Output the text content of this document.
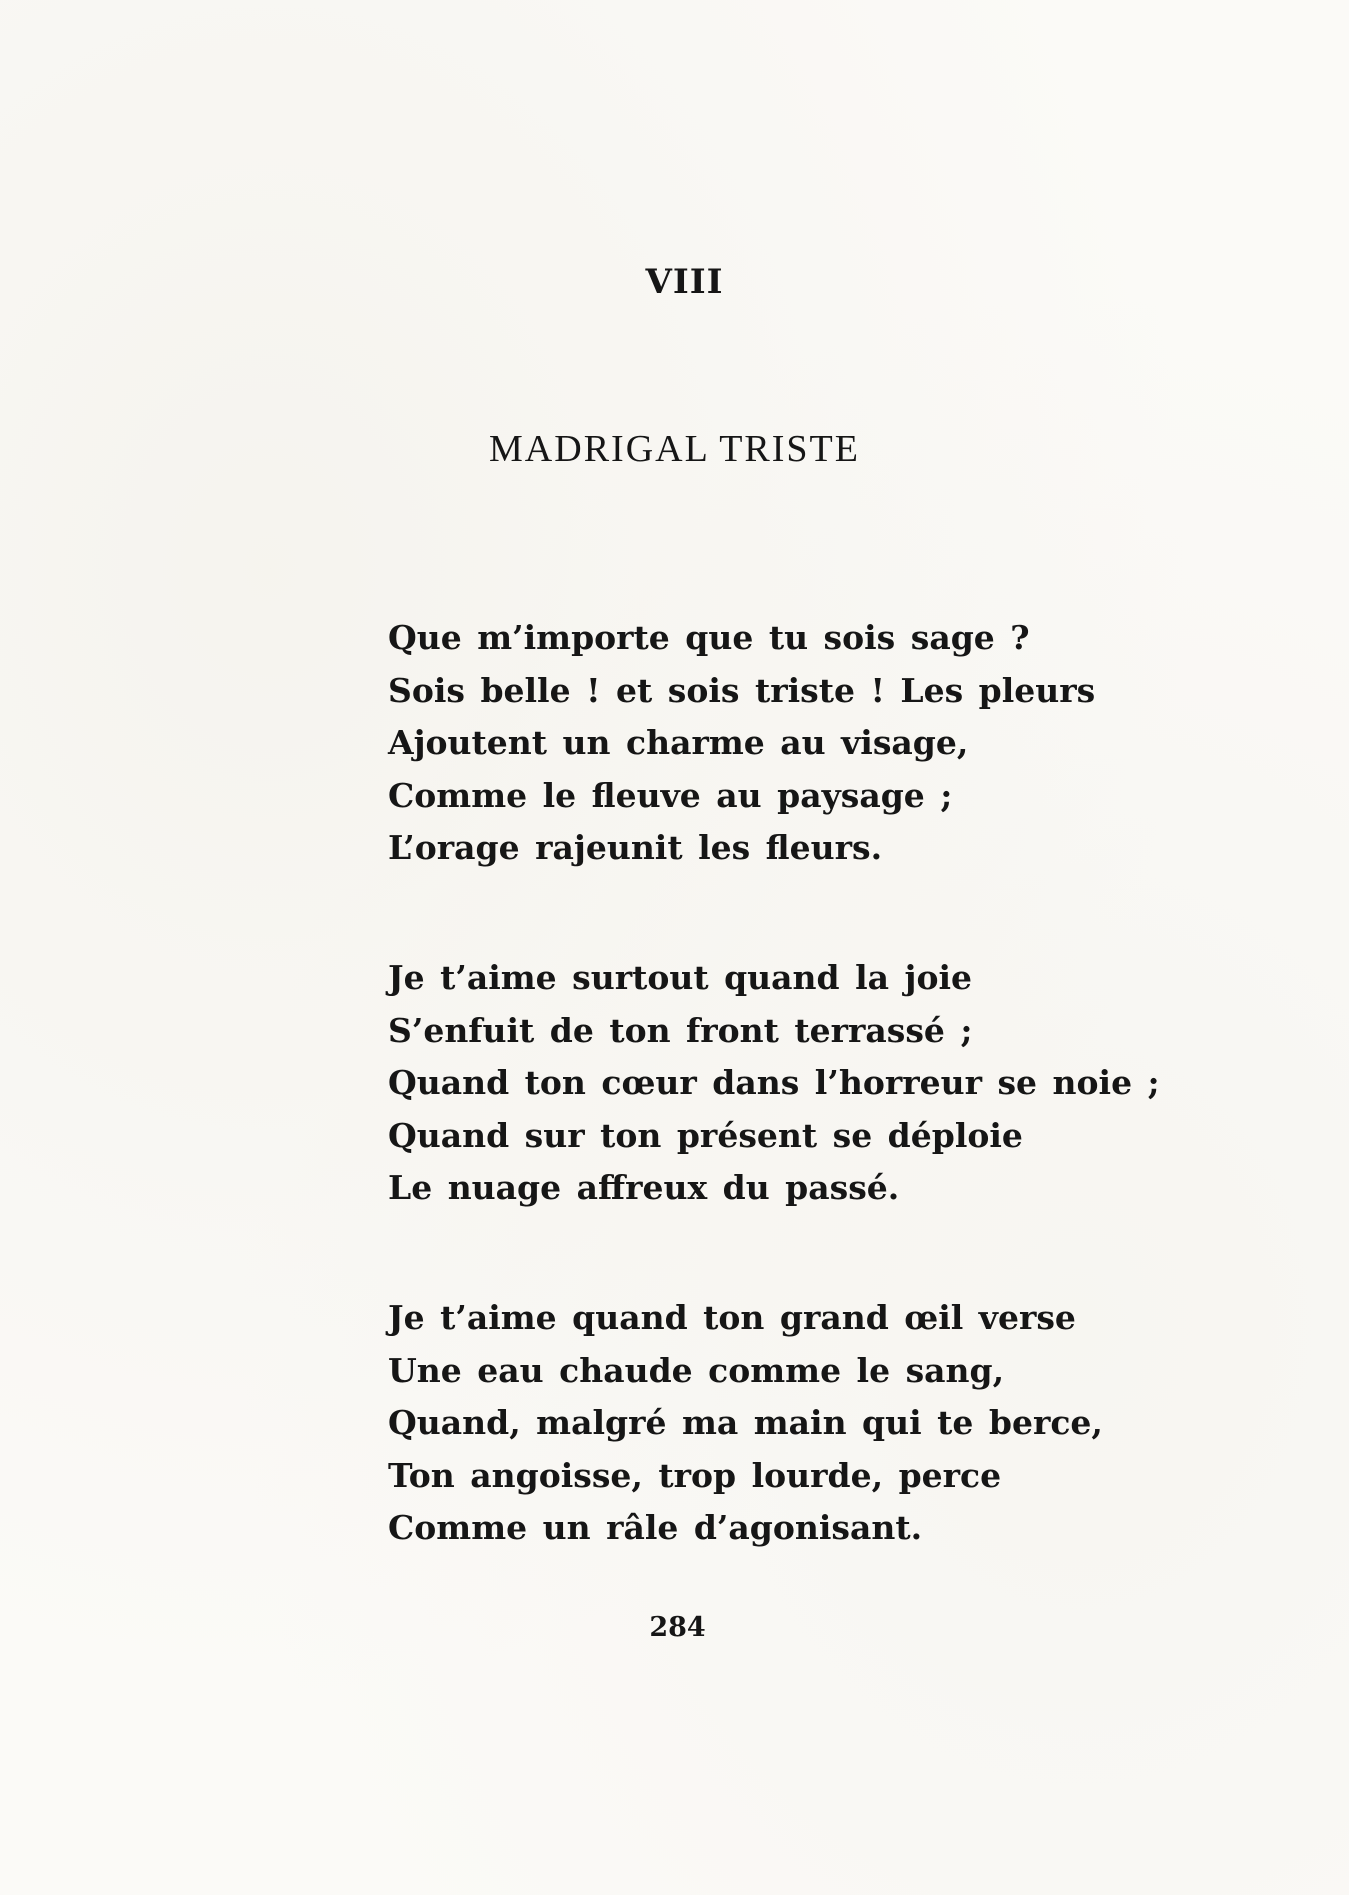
VIII
MADRIGAL TRISTE
Que m’importe que tu sois sage ?
Sois belle ! et sois triste ! Les pleurs
Ajoutent un charme au visage,
Comme le fleuve au paysage ;
L’orage rajeunit les fleurs.
Je t’aime surtout quand la joie
S’enfuit de ton front terrassé ;
Quand ton cœur dans l’horreur se noie ;
Quand sur ton présent se déploie
Le nuage affreux du passé.
Je t’aime quand ton grand œil verse
Une eau chaude comme le sang,
Quand, malgré ma main qui te berce,
Ton angoisse, trop lourde, perce
Comme un râle d’agonisant.
284
